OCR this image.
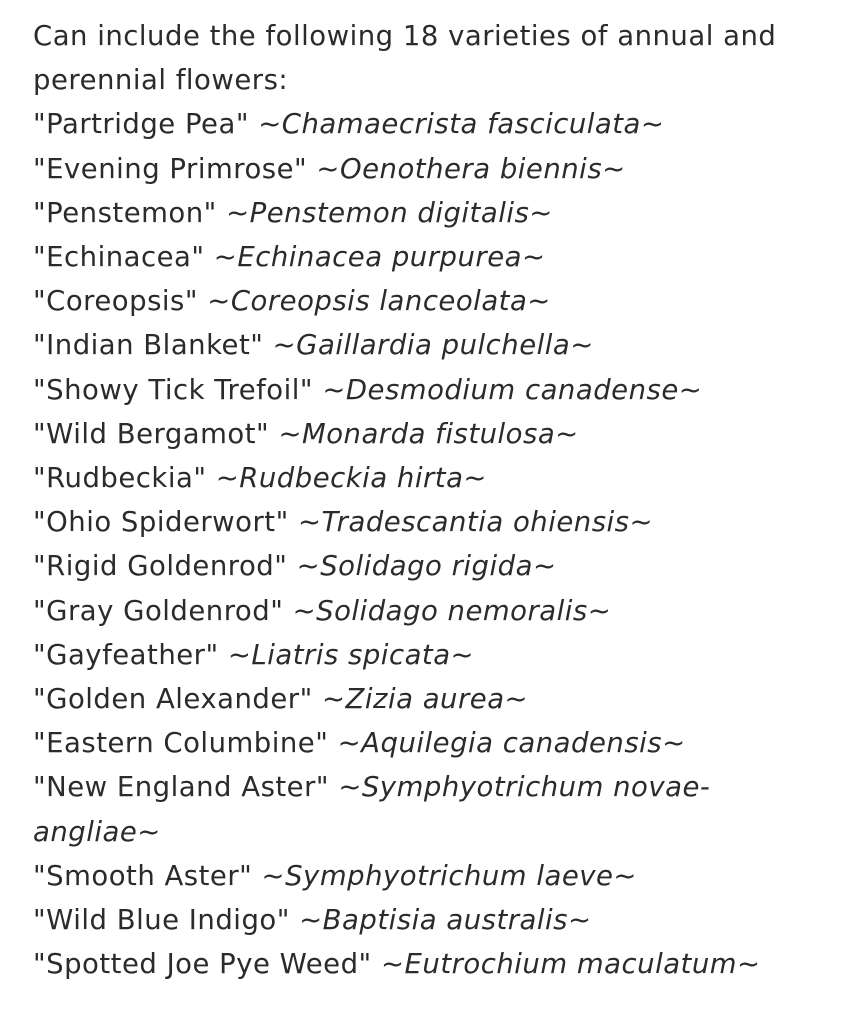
Can include the following 18 varieties of annual and
perennial flowers:
"Partridge Pea" ~Chamaecrista fasciculata~
"Evening Primrose" ~Oenothera biennis~
"Penstemon" ~Penstemon digitalis~
"Echinacea" ~Echinacea purpurea~
"Coreopsis" ~Coreopsis lanceolata~
"Indian Blanket" ~Gaillardia pulchella~
"Showy Tick Trefoil" ~Desmodium canadense~
"Wild Bergamot" ~Monarda fistulosa~
"Rudbeckia" ~Rudbeckia hirta~
"Ohio Spiderwort" ~Tradescantia ohiensis~
"Rigid Goldenrod" ~Solidago rigida~
"Gray Goldenrod" ~Solidago nemoralis~
"Gayfeather" ~Liatris spicata~
"Golden Alexander" ~Zizia aurea~
"Eastern Columbine" ~Aquilegia canadensis~
"New England Aster" ~Symphyotrichum novae-
angliae~
"Smooth Aster" ~Symphyotrichum laeve~
"Wild Blue Indigo" ~Baptisia australis~
"Spotted Joe Pye Weed" ~Eutrochium maculatum~
